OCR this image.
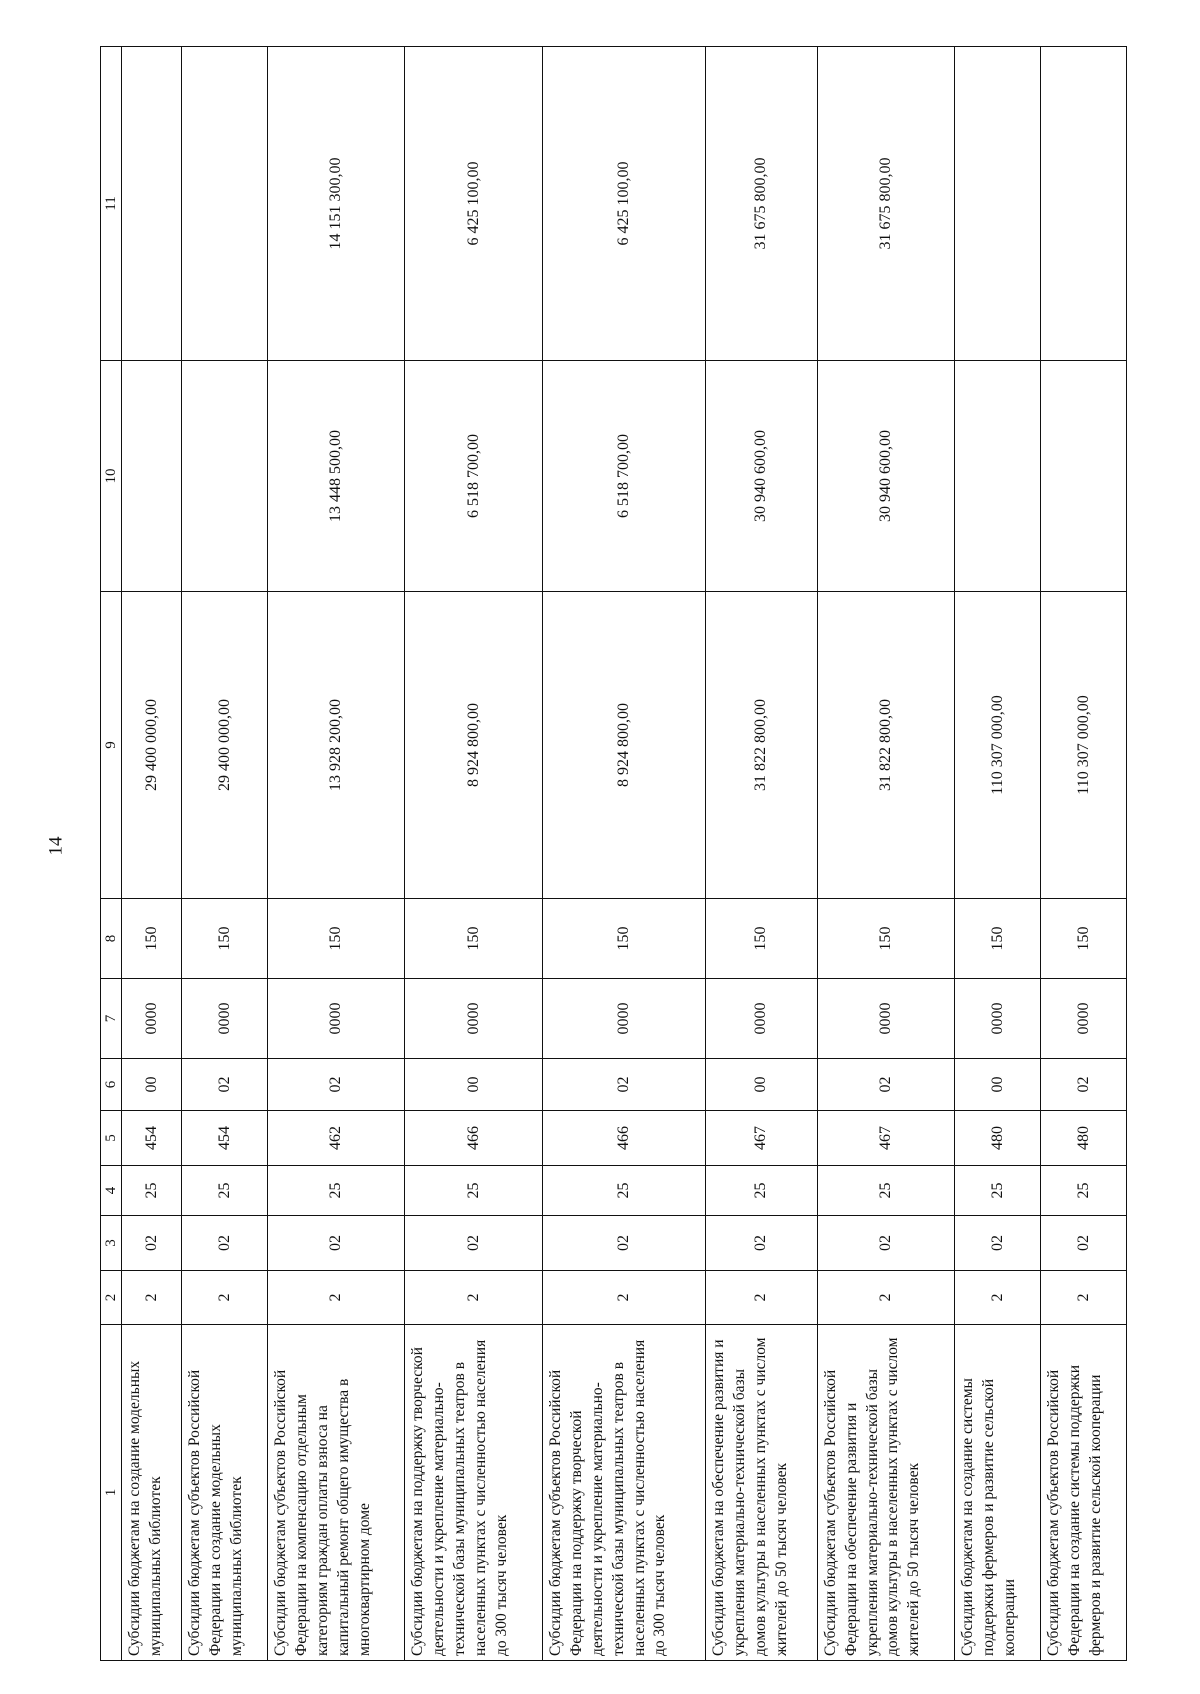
14
1	2	3	4	5	6	7	8	9	10	11
Субсидии бюджетам на создание модельных муниципальных библиотек	2	02	25	454	00	0000	150	29 400 000,00		
Субсидии бюджетам субъектов Российской Федерации на создание модельных муниципальных библиотек	2	02	25	454	02	0000	150	29 400 000,00		
Субсидии бюджетам субъектов Российской Федерации на компенсацию отдельным категориям граждан оплаты взноса на капитальный ремонт общего имущества в многоквартирном доме	2	02	25	462	02	0000	150	13 928 200,00	13 448 500,00	14 151 300,00
Субсидии бюджетам на поддержку творческой деятельности и укрепление материально-технической базы муниципальных театров в населенных пунктах с численностью населения до 300 тысяч человек	2	02	25	466	00	0000	150	8 924 800,00	6 518 700,00	6 425 100,00
Субсидии бюджетам субъектов Российской Федерации на поддержку творческой деятельности и укрепление материально-технической базы муниципальных театров в населенных пунктах с численностью населения до 300 тысяч человек	2	02	25	466	02	0000	150	8 924 800,00	6 518 700,00	6 425 100,00
Субсидии бюджетам на обеспечение развития и укрепления материально-технической базы домов культуры в населенных пунктах с числом жителей до 50 тысяч человек	2	02	25	467	00	0000	150	31 822 800,00	30 940 600,00	31 675 800,00
Субсидии бюджетам субъектов Российской Федерации на обеспечение развития и укрепления материально-технической базы домов культуры в населенных пунктах с числом жителей до 50 тысяч человек	2	02	25	467	02	0000	150	31 822 800,00	30 940 600,00	31 675 800,00
Субсидии бюджетам на создание системы поддержки фермеров и развитие сельской кооперации	2	02	25	480	00	0000	150	110 307 000,00		
Субсидии бюджетам субъектов Российской Федерации на создание системы поддержки фермеров и развитие сельской кооперации	2	02	25	480	02	0000	150	110 307 000,00		
